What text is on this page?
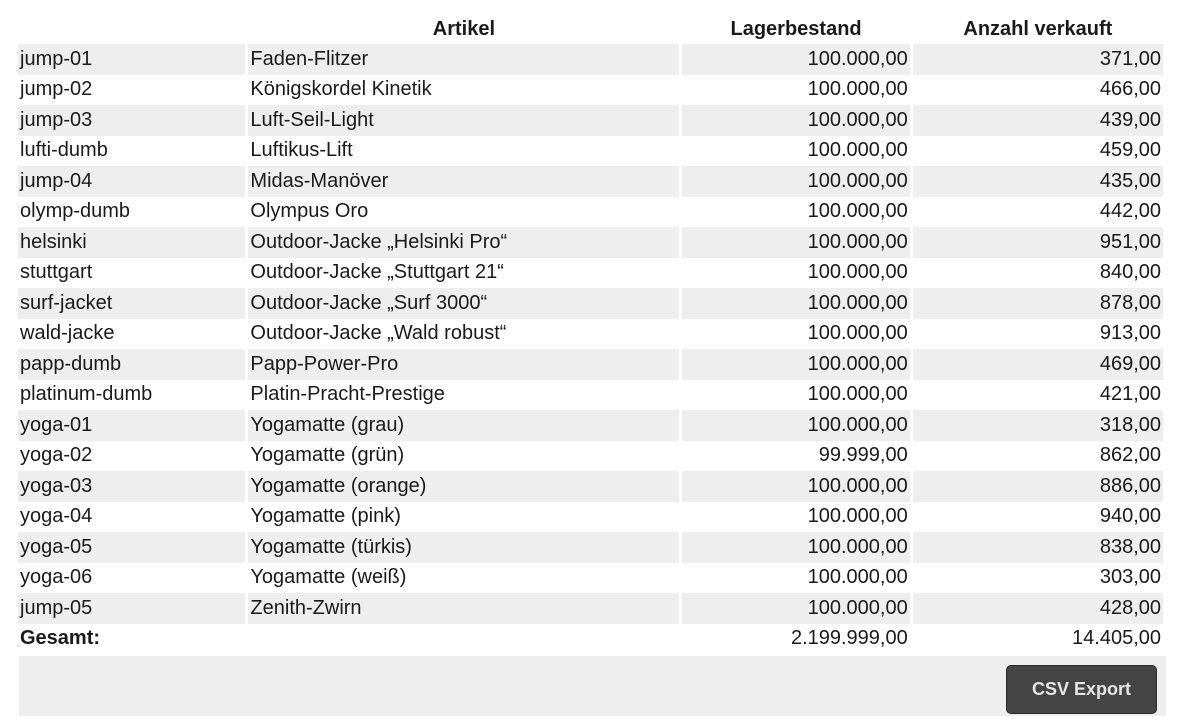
	Artikel	Lagerbestand	Anzahl verkauft
jump-01	Faden-Flitzer	100.000,00	371,00
jump-02	Königskordel Kinetik	100.000,00	466,00
jump-03	Luft-Seil-Light	100.000,00	439,00
lufti-dumb	Luftikus-Lift	100.000,00	459,00
jump-04	Midas-Manöver	100.000,00	435,00
olymp-dumb	Olympus Oro	100.000,00	442,00
helsinki	Outdoor-Jacke „Helsinki Pro“	100.000,00	951,00
stuttgart	Outdoor-Jacke „Stuttgart 21“	100.000,00	840,00
surf-jacket	Outdoor-Jacke „Surf 3000“	100.000,00	878,00
wald-jacke	Outdoor-Jacke „Wald robust“	100.000,00	913,00
papp-dumb	Papp-Power-Pro	100.000,00	469,00
platinum-dumb	Platin-Pracht-Prestige	100.000,00	421,00
yoga-01	Yogamatte (grau)	100.000,00	318,00
yoga-02	Yogamatte (grün)	99.999,00	862,00
yoga-03	Yogamatte (orange)	100.000,00	886,00
yoga-04	Yogamatte (pink)	100.000,00	940,00
yoga-05	Yogamatte (türkis)	100.000,00	838,00
yoga-06	Yogamatte (weiß)	100.000,00	303,00
jump-05	Zenith-Zwirn	100.000,00	428,00
Gesamt:		2.199.999,00	14.405,00
CSV Export
